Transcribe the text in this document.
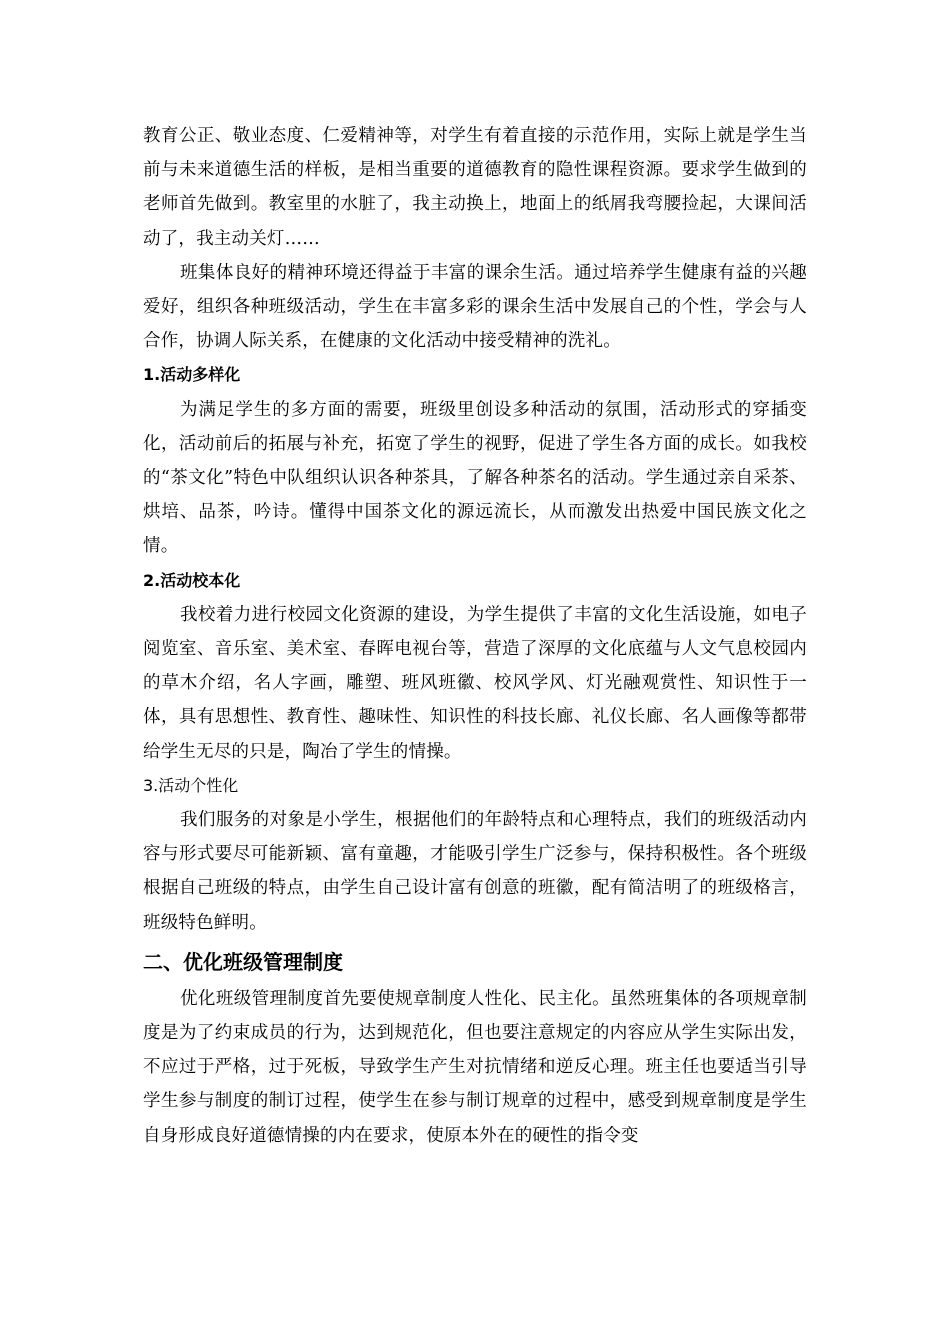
教育公正、敬业态度、仁爱精神等，对学生有着直接的示范作用，实际上就是学生当前与未来道德生活的样板，是相当重要的道德教育的隐性课程资源。要求学生做到的老师首先做到。教室里的水脏了，我主动换上，地面上的纸屑我弯腰捡起，大课间活动了，我主动关灯……

班集体良好的精神环境还得益于丰富的课余生活。通过培养学生健康有益的兴趣爱好，组织各种班级活动，学生在丰富多彩的课余生活中发展自己的个性，学会与人合作，协调人际关系，在健康的文化活动中接受精神的洗礼。

1.活动多样化

为满足学生的多方面的需要，班级里创设多种活动的氛围，活动形式的穿插变化，活动前后的拓展与补充，拓宽了学生的视野，促进了学生各方面的成长。如我校的“茶文化”特色中队组织认识各种茶具，了解各种茶名的活动。学生通过亲自采茶、烘培、品茶，吟诗。懂得中国茶文化的源远流长，从而激发出热爱中国民族文化之情。

2.活动校本化

我校着力进行校园文化资源的建设，为学生提供了丰富的文化生活设施，如电子阅览室、音乐室、美术室、春晖电视台等，营造了深厚的文化底蕴与人文气息校园内的草木介绍，名人字画，雕塑、班风班徽、校风学风、灯光融观赏性、知识性于一体，具有思想性、教育性、趣味性、知识性的科技长廊、礼仪长廊、名人画像等都带给学生无尽的只是，陶冶了学生的情操。

3.活动个性化

我们服务的对象是小学生，根据他们的年龄特点和心理特点，我们的班级活动内容与形式要尽可能新颖、富有童趣，才能吸引学生广泛参与，保持积极性。各个班级根据自己班级的特点，由学生自己设计富有创意的班徽，配有简洁明了的班级格言，班级特色鲜明。

二、优化班级管理制度

优化班级管理制度首先要使规章制度人性化、民主化。虽然班集体的各项规章制度是为了约束成员的行为，达到规范化，但也要注意规定的内容应从学生实际出发，不应过于严格，过于死板，导致学生产生对抗情绪和逆反心理。班主任也要适当引导学生参与制度的制订过程，使学生在参与制订规章的过程中，感受到规章制度是学生自身形成良好道德情操的内在要求，使原本外在的硬性的指令变
